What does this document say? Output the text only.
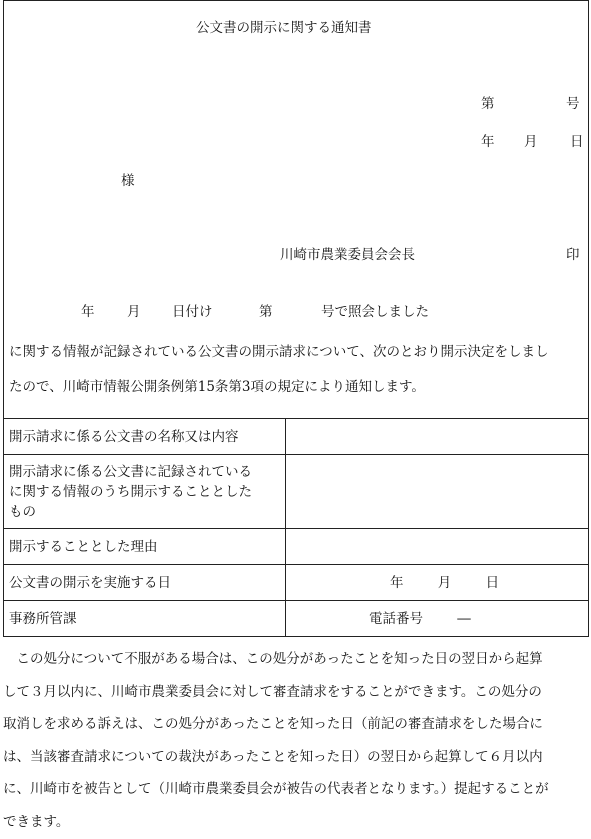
公文書の開示に関する通知書
第	号
年 月 日
様
川崎市農業委員会会長	印
年 月 日付け	第	号で照会しました
に関する情報が記録されている公文書の開示請求について、次のとおり開示決定をしまし
たので、川崎市情報公開条例第15条第3項の規定により通知します。
開示請求に係る公文書の名称又は内容	

開示請求に係る公文書に記録されている
に関する情報のうち開示することとした
もの	

開示することとした理由	
公文書の開示を実施する日	年 月 日
事務所管課	電話番号 ―
　この処分について不服がある場合は、この処分があったことを知った日の翌日から起算
して３月以内に、川崎市農業委員会に対して審査請求をすることができます。この処分の
取消しを求める訴えは、この処分があったことを知った日（前記の審査請求をした場合に
は、当該審査請求についての裁決があったことを知った日）の翌日から起算して６月以内
に、川崎市を被告として（川崎市農業委員会が被告の代表者となります。）提起することが
できます。
